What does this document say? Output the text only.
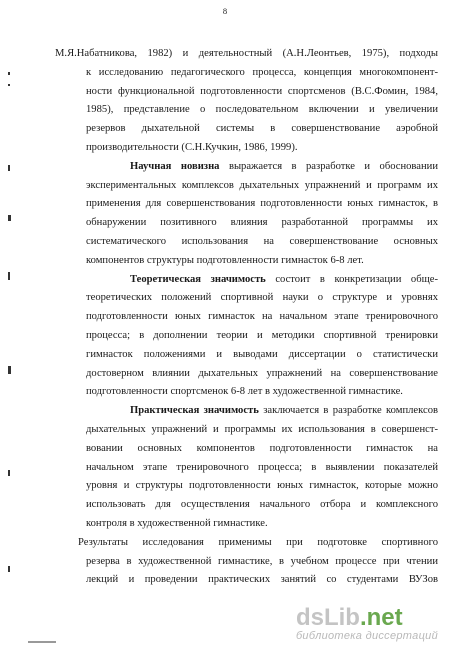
8
М.Я.Набатникова, 1982) и деятельностный (А.Н.Леонтьев, 1975), подходы
к исследованию педагогического процесса, концепция многокомпонент-
ности функциональной подготовленности спортсменов (В.С.Фомин, 1984,
1985), представление о последовательном включении и увеличении
резервов дыхательной системы в совершенствование аэробной
производительности (С.Н.Кучкин, 1986, 1999).
Научная новизна выражается в разработке и обосновании
экспериментальных комплексов дыхательных упражнений и программ их
применения для совершенствования подготовленности юных гимнасток, в
обнаружении позитивного влияния разработанной программы их
систематического использования на совершенствование основных
компонентов структуры подготовленности гимнасток 6-8 лет.
Теоретическая значимость состоит в конкретизации обще-
теоретических положений спортивной науки о структуре и уровнях
подготовленности юных гимнасток на начальном этапе тренировочного
процесса; в дополнении теории и методики спортивной тренировки
гимнасток положениями и выводами диссертации о статистически
достоверном влиянии дыхательных упражнений на совершенствование
подготовленности спортсменок 6-8 лет в художественной гимнастике.
Практическая значимость заключается в разработке комплексов
дыхательных упражнений и программы их использования в совершенст-
вовании основных компонентов подготовленности гимнасток на
начальном этапе тренировочного процесса; в выявлении показателей
уровня и структуры подготовленности юных гимнасток, которые можно
использовать для осуществления начального отбора и комплексного
контроля в художественной гимнастике.
Результаты исследования применимы при подготовке спортивного
резерва в художественной гимнастике, в учебном процессе при чтении
лекций и проведении практических занятий со студентами ВУЗов
dsLib.net
библиотека диссертаций
